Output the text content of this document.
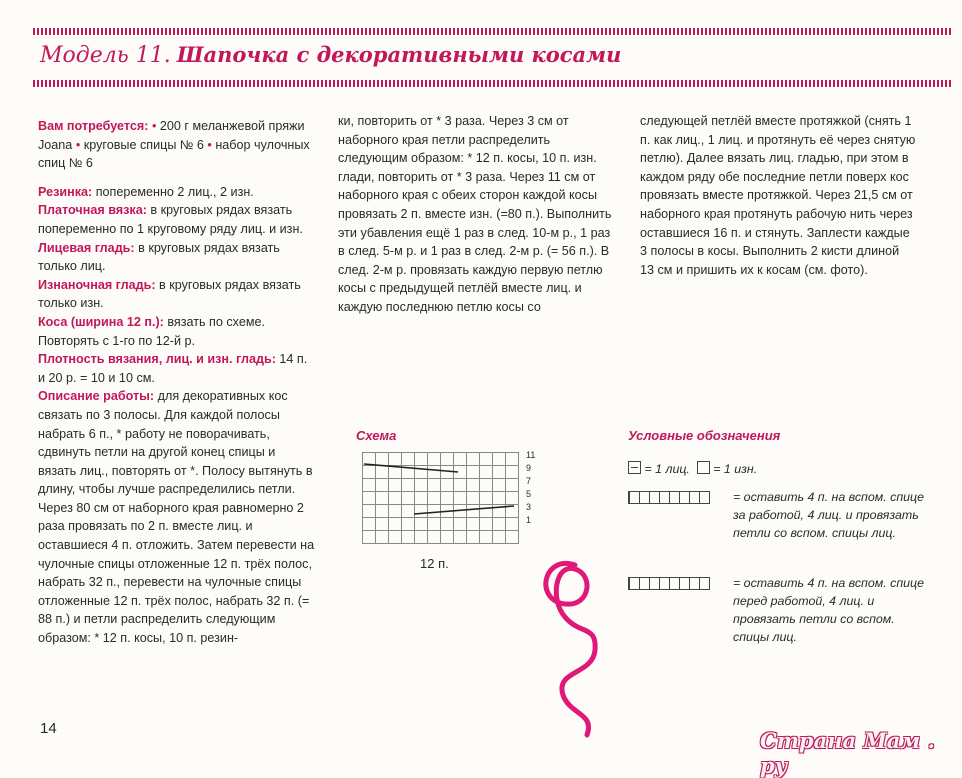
Модель 11. Шапочка с декоративными косами

Вам потребуется: • 200 г меланжевой пряжи Joana • круговые спицы № 6 • набор чулочных спиц № 6

Резинка: попеременно 2 лиц., 2 изн.

Платочная вязка: в круговых рядах вязать попеременно по 1 круговому ряду лиц. и изн.

Лицевая гладь: в круговых рядах вязать только лиц.

Изнаночная гладь: в круговых рядах вязать только изн.

Коса (ширина 12 п.): вязать по схеме. Повторять с 1-го по 12-й р.

Плотность вязания, лиц. и изн. гладь: 14 п. и 20 р. = 10 и 10 см.

Описание работы: для декоративных кос связать по 3 полосы. Для каждой полосы набрать 6 п., * работу не поворачивать, сдвинуть петли на другой конец спицы и вязать лиц., повторять от *. Полосу вытянуть в длину, чтобы лучше распределились петли. Через 80 см от наборного края равномерно 2 раза провязать по 2 п. вместе лиц. и оставшиеся 4 п. отложить. Затем перевести на чулочные спицы отложенные 12 п. трёх полос, набрать 32 п., перевести на чулочные спицы отложенные 12 п. трёх полос, набрать 32 п. (= 88 п.) и петли распределить следующим образом: * 12 п. косы, 10 п. резин-

ки, повторить от * 3 раза. Через 3 см от наборного края петли распределить следующим образом: * 12 п. косы, 10 п. изн. глади, повторить от * 3 раза. Через 11 см от наборного края с обеих сторон каждой косы провязать 2 п. вместе изн. (=80 п.). Выполнить эти убавления ещё 1 раз в след. 10-м р., 1 раз в след. 5-м р. и 1 раз в след. 2-м р. (= 56 п.). В след. 2-м р. провязать каждую первую петлю косы с предыдущей петлёй вместе лиц. и каждую последнюю петлю косы со

следующей петлёй вместе протяжкой (снять 1 п. как лиц., 1 лиц. и протянуть её через снятую петлю). Далее вязать лиц. гладью, при этом в каждом ряду обе последние петли поверх кос провязать вместе протяжкой. Через 21,5 см от наборного края протянуть рабочую нить через оставшиеся 16 п. и стянуть. Заплести каждые 3 полосы в косы. Выполнить 2 кисти длиной 13 см и пришить их к косам (см. фото).

Схема
11
9
7
5
3
1
12 п.
Условные обозначения
= 1 лиц. = 1 изн.
= оставить 4 п. на вспом. спице за работой, 4 лиц. и провязать петли со вспом. спицы лиц.
= оставить 4 п. на вспом. спице перед работой, 4 лиц. и провязать петли со вспом. спицы лиц.
14	Страна Мам . ру
